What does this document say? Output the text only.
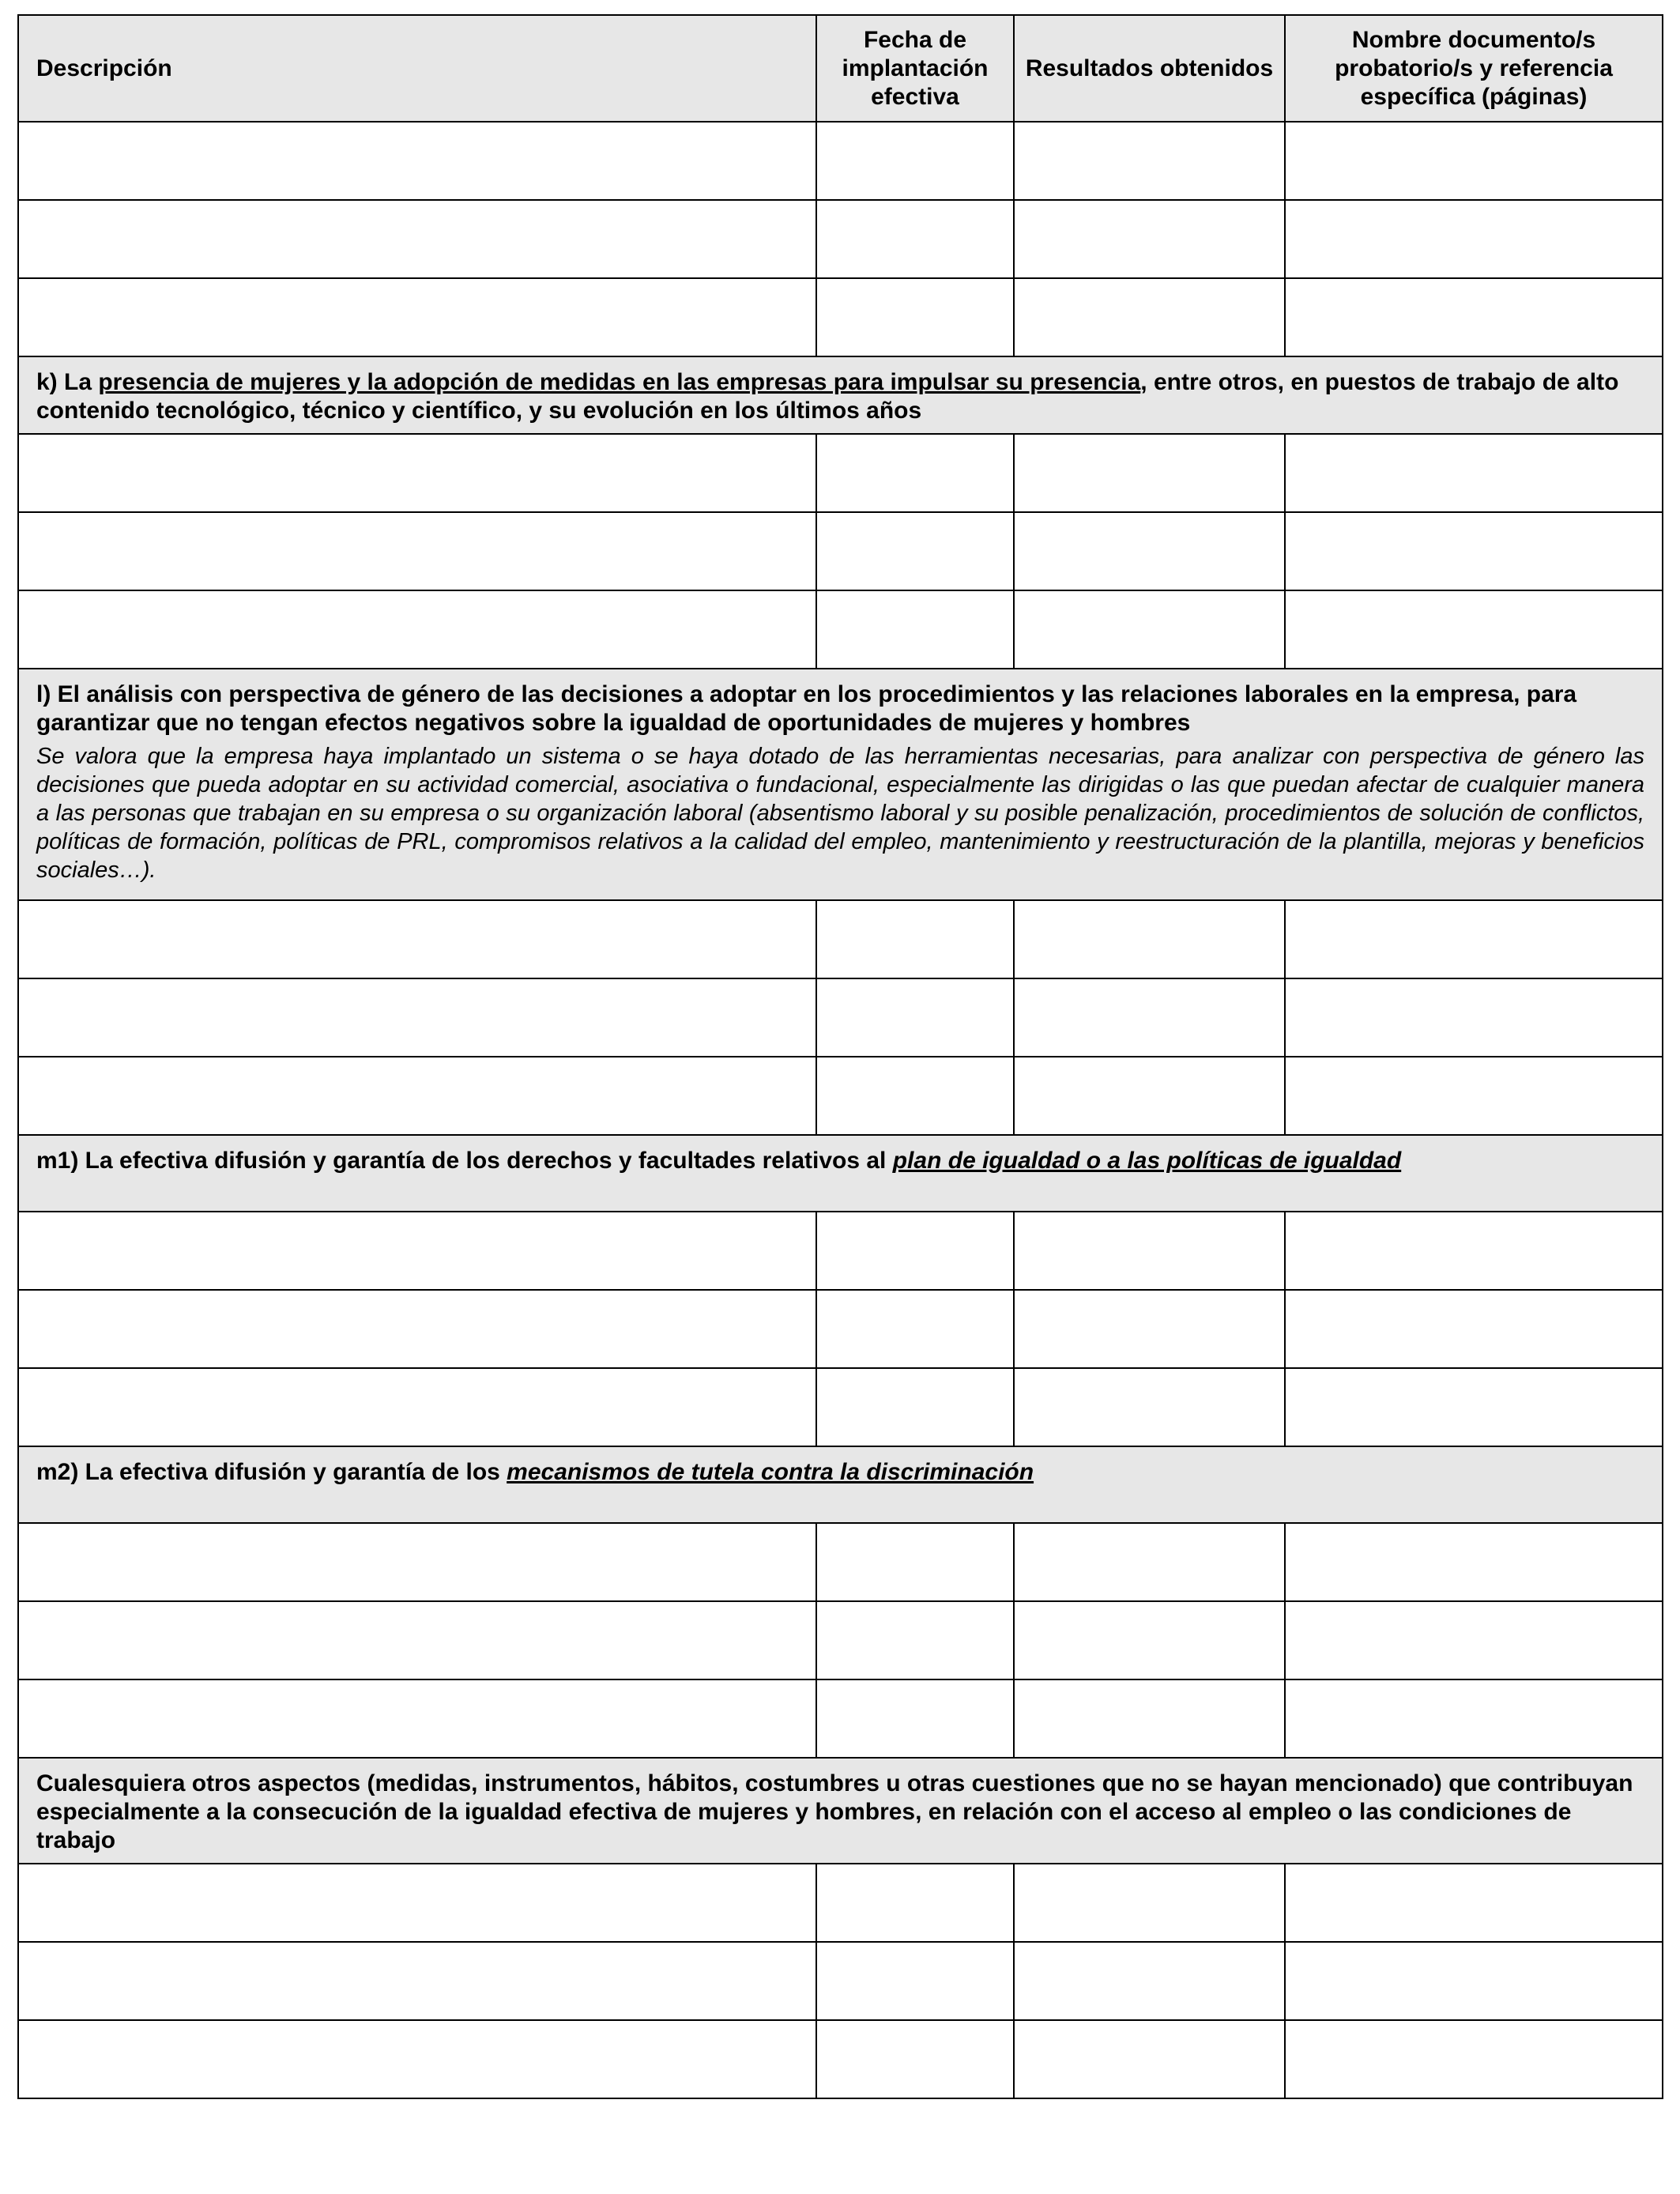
Descripción	Fecha de implantación efectiva	Resultados obtenidos	Nombre documento/s probatorio/s y referencia específica (páginas)

k) La presencia de mujeres y la adopción de medidas en las empresas para impulsar su presencia, entre otros, en puestos de trabajo de alto contenido tecnológico, técnico y científico, y su evolución en los últimos años			

l) El análisis con perspectiva de género de las decisiones a adoptar en los procedimientos y las relaciones laborales en la empresa, para garantizar que no tengan efectos negativos sobre la igualdad de oportunidades de mujeres y hombres
Se valora que la empresa haya implantado un sistema o se haya dotado de las herramientas necesarias, para analizar con perspectiva de género las decisiones que pueda adoptar en su actividad comercial, asociativa o fundacional, especialmente las dirigidas o las que puedan afectar de cualquier manera a las personas que trabajan en su empresa o su organización laboral (absentismo laboral y su posible penalización, procedimientos de solución de conflictos, políticas de formación, políticas de PRL, compromisos relativos a la calidad del empleo, mantenimiento y reestructuración de la plantilla, mejoras y beneficios sociales…).			

m1) La efectiva difusión y garantía de los derechos y facultades relativos al plan de igualdad o a las políticas de igualdad			

m2) La efectiva difusión y garantía de los mecanismos de tutela contra la discriminación			

Cualesquiera otros aspectos (medidas, instrumentos, hábitos, costumbres u otras cuestiones que no se hayan mencionado) que contribuyan especialmente a la consecución de la igualdad efectiva de mujeres y hombres, en relación con el acceso al empleo o las condiciones de trabajo			
